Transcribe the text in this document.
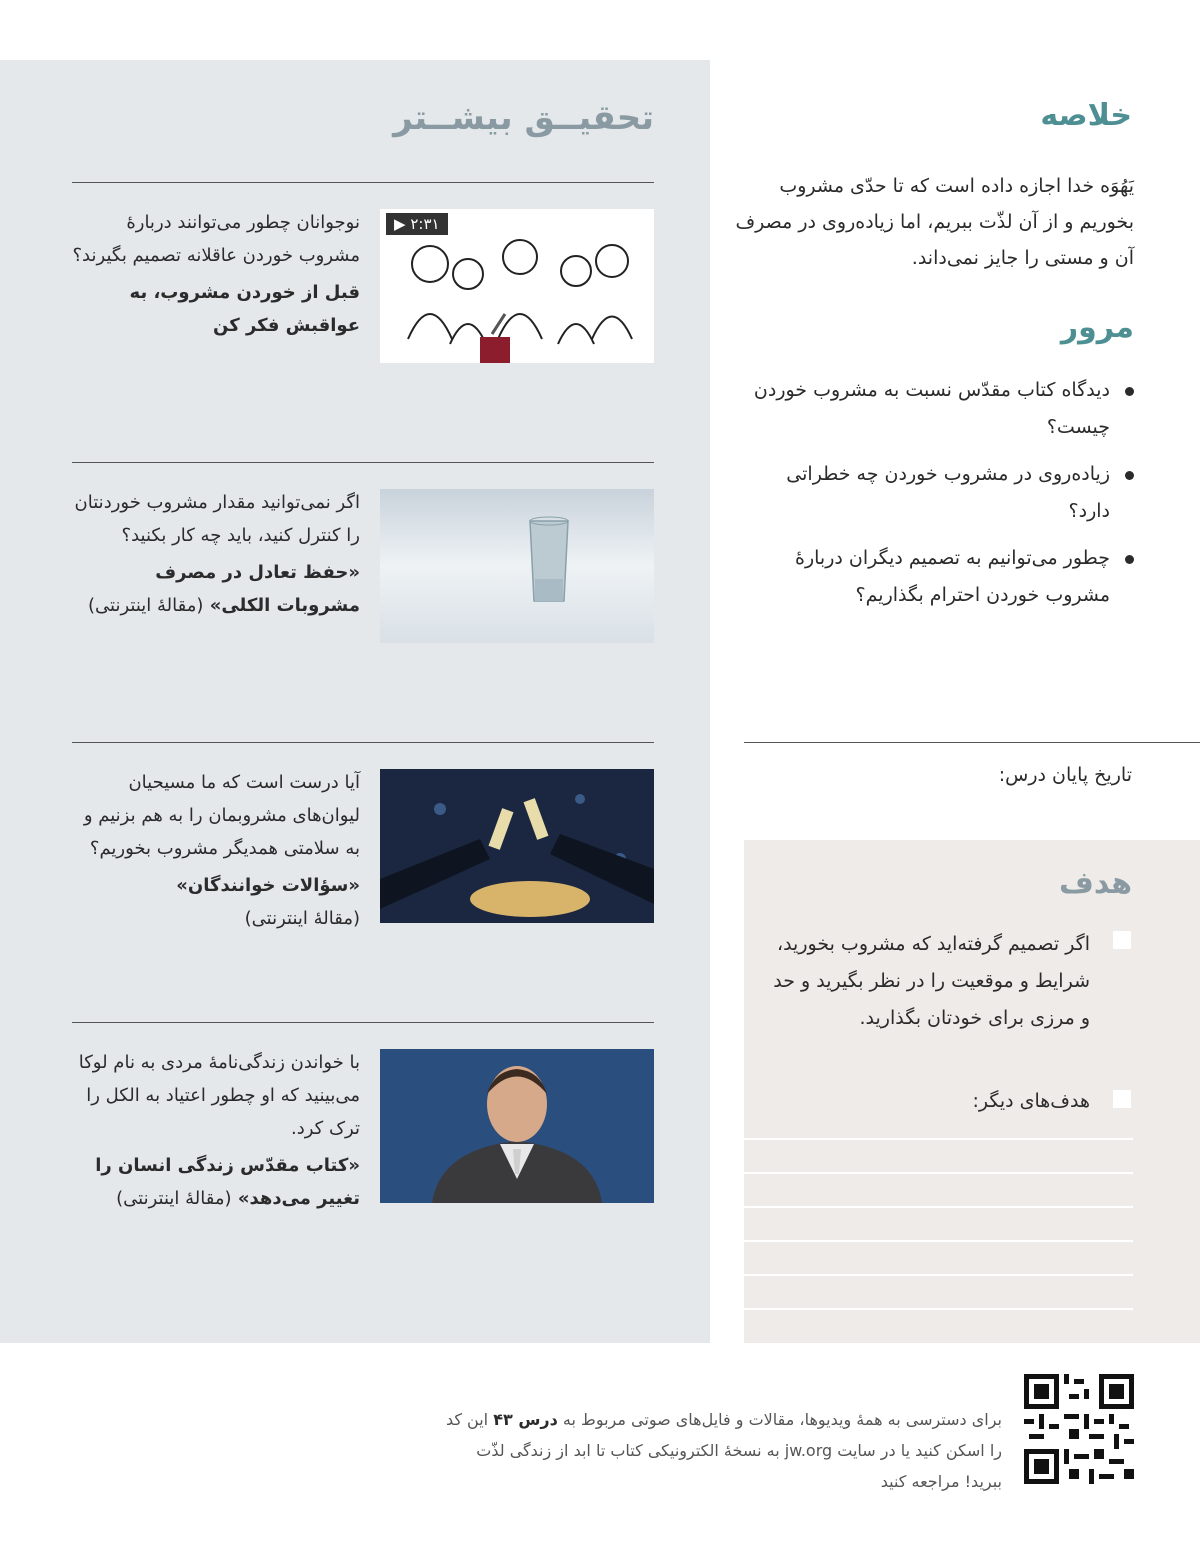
تحقیــق بیشــتر
▶ ۲:۳۱
نوجوانان چطور می‌توانند دربارهٔ مشروب خوردن عاقلانه تصمیم بگیرند؟
قبل از خوردن مشروب، به عواقبش فکر کن
اگر نمی‌توانید مقدار مشروب خوردنتان را کنترل کنید، باید چه کار بکنید؟
«حفظ تعادل در مصرف مشروبات الکلی» (مقالهٔ اینترنتی)
آیا درست است که ما مسیحیان لیوان‌های مشروبمان را به هم بزنیم و به سلامتی همدیگر مشروب بخوریم؟
«سؤالات خوانندگان»
(مقالهٔ اینترنتی)
با خواندن زندگی‌نامهٔ مردی به نام لوکا می‌بینید که او چطور اعتیاد به الکل را ترک کرد.
«کتاب مقدّس زندگی انسان را تغییر می‌دهد» (مقالهٔ اینترنتی)
خلاصه
یَهُوَه خدا اجازه داده است که تا حدّی مشروب بخوریم و از آن لذّت ببریم، اما زیاده‌روی در مصرف آن و مستی را جایز نمی‌داند.
مرور
دیدگاه کتاب مقدّس نسبت به مشروب خوردن چیست؟
زیاده‌روی در مشروب خوردن چه خطراتی دارد؟
چطور می‌توانیم به تصمیم دیگران دربارهٔ مشروب خوردن احترام بگذاریم؟
تاریخ پایان درس:
هدف
اگر تصمیم گرفته‌اید که مشروب بخورید، شرایط و موقعیت را در نظر بگیرید و حد و مرزی برای خودتان بگذارید.
هدف‌های دیگر:
برای دسترسی به همهٔ ویدیوها، مقالات و فایل‌های صوتی مربوط به درس ۴۳ این کد را اسکن کنید یا در سایت jw.org به نسخهٔ الکترونیکی کتاب تا ابد از زندگی لذّت ببرید! مراجعه کنید
